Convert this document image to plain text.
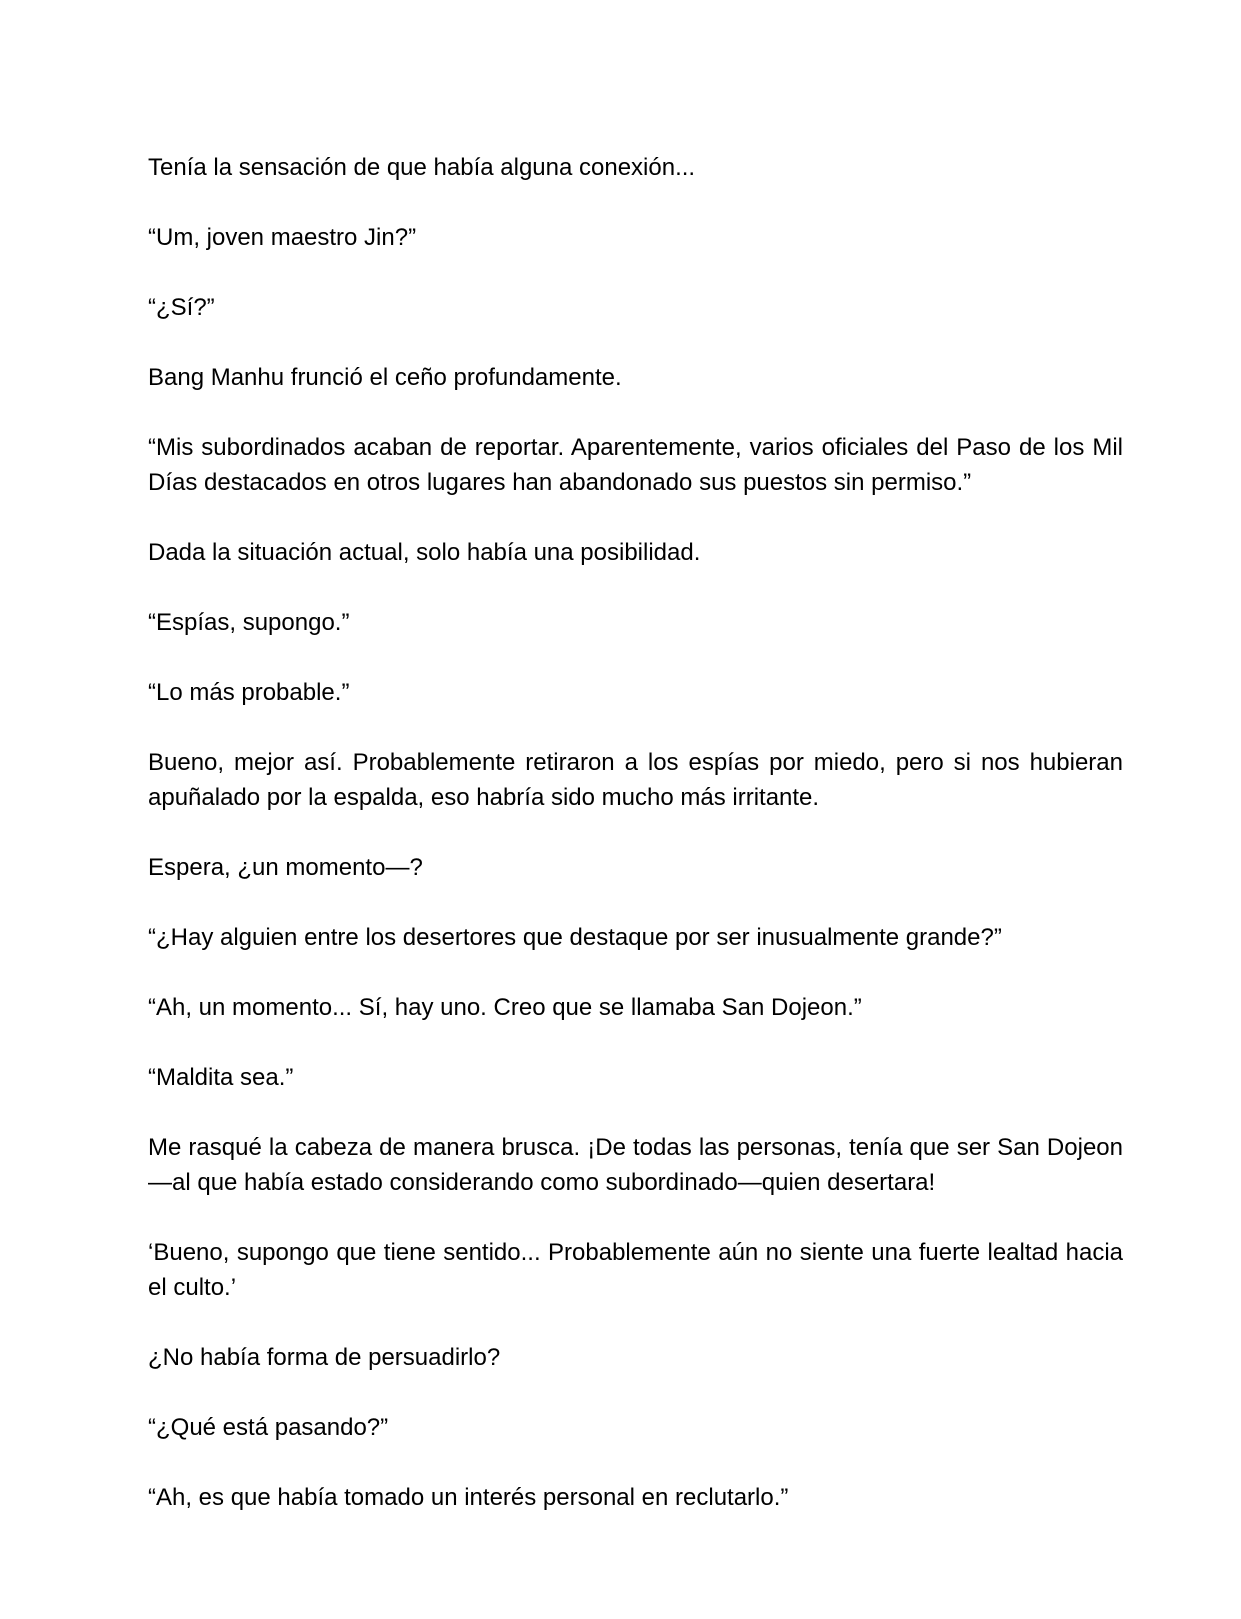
Tenía la sensación de que había alguna conexión...

“Um, joven maestro Jin?”

“¿Sí?”

Bang Manhu frunció el ceño profundamente.

“Mis subordinados acaban de reportar. Aparentemente, varios oficiales del Paso de los Mil Días destacados en otros lugares han abandonado sus puestos sin permiso.”

Dada la situación actual, solo había una posibilidad.

“Espías, supongo.”

“Lo más probable.”

Bueno, mejor así. Probablemente retiraron a los espías por miedo, pero si nos hubieran apuñalado por la espalda, eso habría sido mucho más irritante.

Espera, ¿un momento—?

“¿Hay alguien entre los desertores que destaque por ser inusualmente grande?”

“Ah, un momento... Sí, hay uno. Creo que se llamaba San Dojeon.”

“Maldita sea.”

Me rasqué la cabeza de manera brusca. ¡De todas las personas, tenía que ser San Dojeon—al que había estado considerando como subordinado—quien desertara!

‘Bueno, supongo que tiene sentido... Probablemente aún no siente una fuerte lealtad hacia el culto.’

¿No había forma de persuadirlo?

“¿Qué está pasando?”

“Ah, es que había tomado un interés personal en reclutarlo.”
